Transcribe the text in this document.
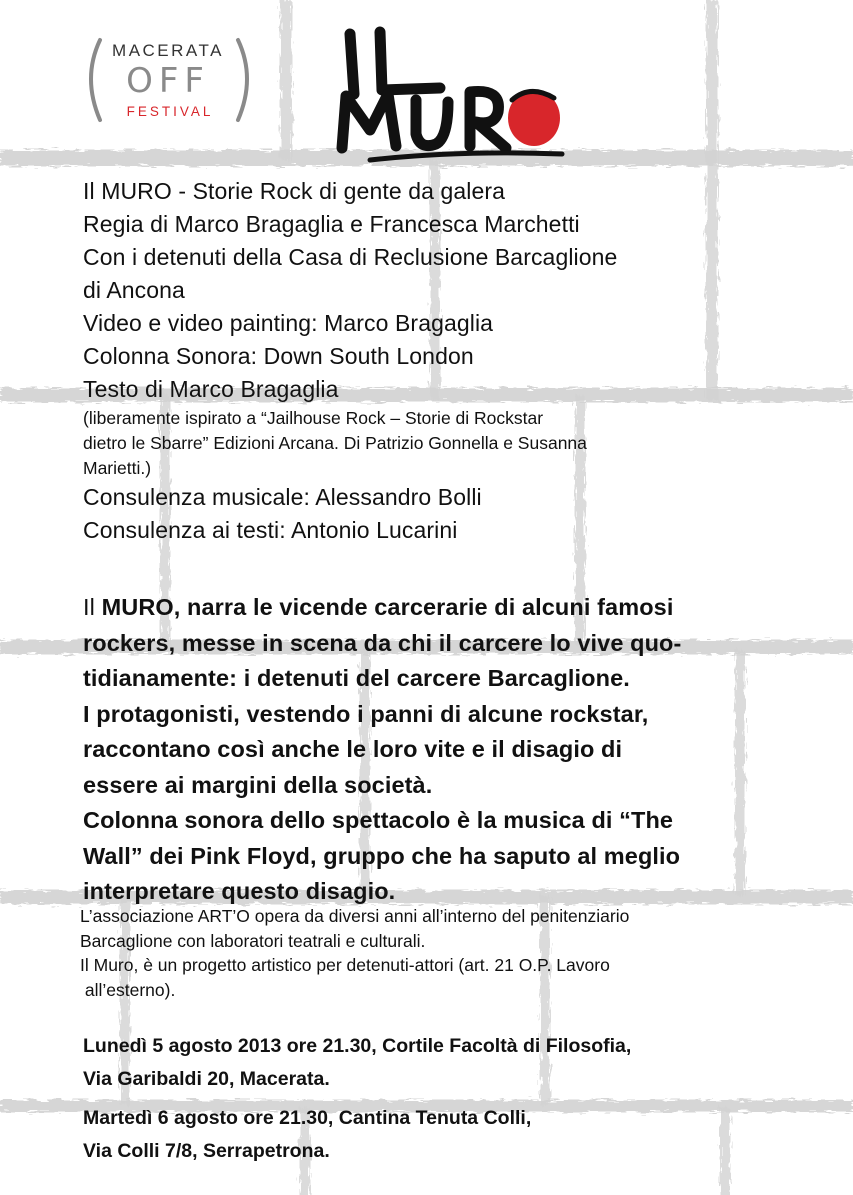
MACERATA
OFF
FESTIVAL
Il MURO - Storie Rock di gente da galera
Regia di Marco Bragaglia e Francesca Marchetti
Con i detenuti della Casa di Reclusione Barcaglione
di Ancona
Video e video painting: Marco Bragaglia
Colonna Sonora: Down South London
Testo di Marco Bragaglia
(liberamente ispirato a “Jailhouse Rock – Storie di Rockstar
dietro le Sbarre” Edizioni Arcana. Di Patrizio Gonnella e Susanna
Marietti.)
Consulenza musicale: Alessandro Bolli
Consulenza ai testi: Antonio Lucarini
Il MURO, narra le vicende carcerarie di alcuni famosi
rockers, messe in scena da chi il carcere lo vive quo-
tidianamente: i detenuti del carcere Barcaglione.
I protagonisti, vestendo i panni di alcune rockstar,
raccontano così anche le loro vite e il disagio di
essere ai margini della società.
Colonna sonora dello spettacolo è la musica di “The
Wall” dei Pink Floyd, gruppo che ha saputo al meglio
interpretare questo disagio.
L’associazione ART’O opera da diversi anni all’interno del penitenziario
Barcaglione con laboratori teatrali e culturali.
Il Muro, è un progetto artistico per detenuti-attori (art. 21 O.P. Lavoro
all’esterno).
Lunedì 5 agosto 2013 ore 21.30, Cortile Facoltà di Filosofia,
Via Garibaldi 20, Macerata.
Martedì 6 agosto ore 21.30, Cantina Tenuta Colli,
Via Colli 7/8, Serrapetrona.
